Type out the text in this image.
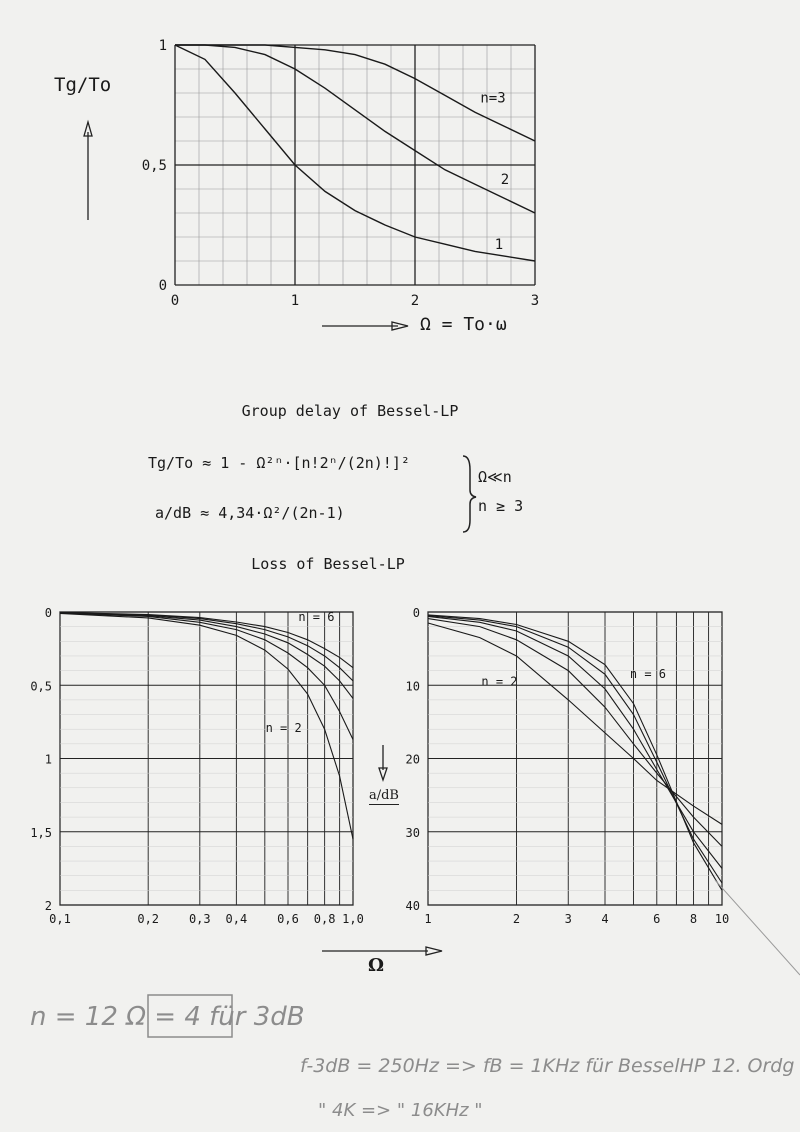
0	1	2	3
0
0,5
1
1
2
n=3
0,1	0,2 0,3 0,4 0,6 0,8 1,0
0
0,5
1
1,5
2
n = 2
n = 6
1	2	3 4	6 8 10
0
10
20
30
40
n = 2
n = 6
Tg/To
Ω = To·ω
Group delay of Bessel-LP
Tg/To ≈ 1 - Ω²ⁿ·[n!2ⁿ/(2n)!]²
a/dB ≈ 4,34·Ω²/(2n-1)
Ω≪n
n ≥ 3
Loss of Bessel-LP
a/dB
Ω
n = 12 Ω = 4 für 3dB
f-3dB = 250Hz => fB = 1KHz für BesselHP 12. Ordg
" 4K => " 16KHz "
